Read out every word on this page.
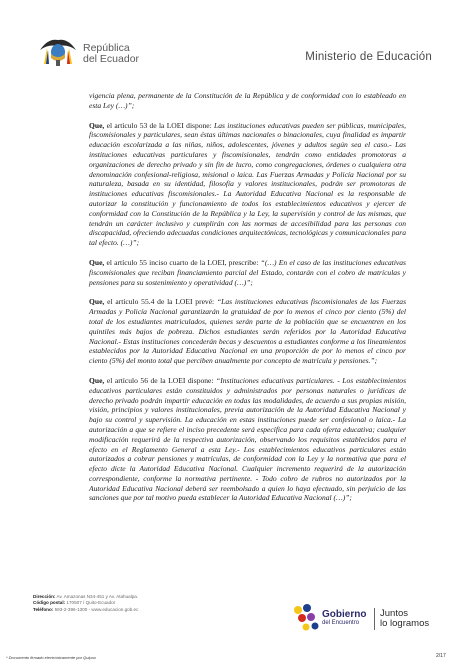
República
del Ecuador	Ministerio de Educación

vigencia plena, permanente de la Constitución de la República y de conformidad con lo estableado en esta Ley (…)”;

Que, el artículo 53 de la LOEI dispone: Las instituciones educativas pueden ser públicas, municipales, fiscomisionales y particulares, sean éstas últimas nacionales o binacionales, cuya finalidad es impartir educación escolarizada a las niñas, niños, adolescentes, jóvenes y adultos según sea el caso.- Las instituciones educativas particulares y fiscomisionales, tendrán como entidades promotoras a organizaciones de derecho privado y sin fin de lucro, como congregaciones, órdenes o cualquiera otra denominación confesional-religiosa, misional o laica. Las Fuerzas Armadas y Policía Nacional por su naturaleza, basada en su identidad, filosofía y valores institucionales, podrán ser promotoras de instituciones educativas fiscomisionales.- La Autoridad Educativa Nacional es la responsable de autorizar la constitución y funcionamiento de todos los establecimientos educativos y ejercer de conformidad con la Constitución de la República y la Ley, la supervisión y control de las mismas, que tendrán un carácter inclusivo y cumplirán con las normas de accesibilidad para las personas con discapacidad, ofreciendo adecuadas condiciones arquitectónicas, tecnológicas y comunicacionales para tal efecto. (…)”;

Que, el artículo 55 inciso cuarto de la LOEI, prescribe: “(…) En el caso de las instituciones educativas fiscomisionales que reciban financiamiento parcial del Estado, contarán con el cobro de matrículas y pensiones para su sostenimiento y operatividad (…)”;

Que, el artículo 55.4 de la LOEI prevé: “Las instituciones educativas fiscomisionales de las Fuerzas Armadas y Policía Nacional garantizarán la gratuidad de por lo menos el cinco por ciento (5%) del total de los estudiantes matriculados, quienes serán parte de la población que se encuentren en los quintiles más bajos de pobreza. Dichos estudiantes serán referidos por la Autoridad Educativa Nacional.- Estas instituciones concederán becas y descuentos a estudiantes conforme a los lineamientos establecidos por la Autoridad Educativa Nacional en una proporción de por lo menos el cinco por ciento (5%) del monto total que perciben anualmente por concepto de matrícula y pensiones.”;

Que, el artículo 56 de la LOEI dispone: “Instituciones educativas particulares. - Los establecimientos educativos particulares están constituidos y administrados por personas naturales o jurídicas de derecho privado podrán impartir educación en todas las modalidades, de acuerdo a sus propias misión, visión, principios y valores institucionales, previa autorización de la Autoridad Educativa Nacional y bajo su control y supervisión. La educación en estas instituciones puede ser confesional o laica.- La autorización a que se refiere el inciso precedente será específica para cada oferta educativa; cualquier modificación requerirá de la respectiva autorización, observando los requisitos establecidos para el efecto en el Reglamento General a esta Ley.- Los establecimientos educativos particulares están autorizados a cobrar pensiones y matrículas, de conformidad con la Ley y la normativa que para el efecto dicte la Autoridad Educativa Nacional. Cualquier incremento requerirá de la autorización correspondiente, conforme la normativa pertinente. - Todo cobro de rubros no autorizados por la Autoridad Educativa Nacional deberá ser reembolsado a quien lo haya efectuado, sin perjuicio de las sanciones que por tal motivo pueda establecer la Autoridad Educativa Nacional (…)”;

Dirección: Av. Amazonas N34-451 y Av. Atahualpa.
Código postal: 170507 / Quito-Ecuador
Teléfono: 593-2-396-1300 - www.educacion.gob.ec
* Documento firmado electrónicamente por Quipux
Gobierno
del Encuentro
Juntos
lo logramos
2/17
